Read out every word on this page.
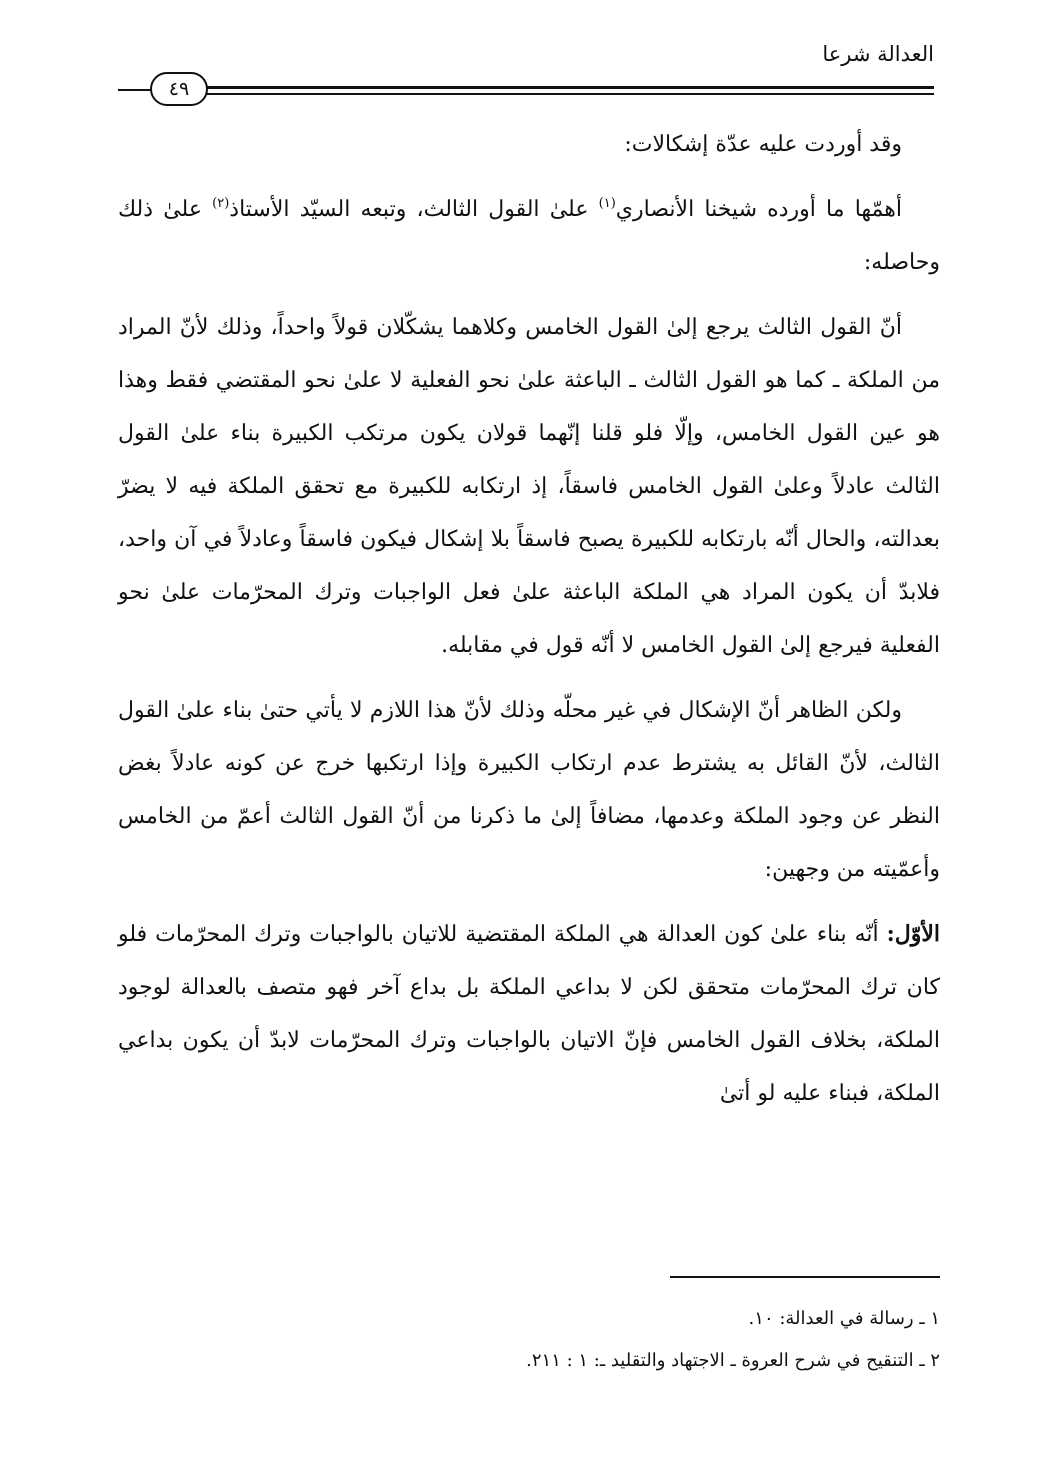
العدالة شرعا
٤٩

وقد أوردت عليه عدّة إشكالات:

أهمّها ما أورده شيخنا الأنصاري$^{(١)}$ علىٰ القول الثالث، وتبعه السيّد الأستاذ$^{(٢)}$ علىٰ ذلك وحاصله:

أنّ القول الثالث يرجع إلىٰ القول الخامس وكلاهما يشكّلان قولاً واحداً، وذلك لأنّ المراد من الملكة ـ كما هو القول الثالث ـ الباعثة علىٰ نحو الفعلية لا علىٰ نحو المقتضي فقط وهذا هو عين القول الخامس، وإلّا فلو قلنا إنّهما قولان يكون مرتكب الكبيرة بناء علىٰ القول الثالث عادلاً وعلىٰ القول الخامس فاسقاً، إذ ارتكابه للكبيرة مع تحقق الملكة فيه لا يضرّ بعدالته، والحال أنّه بارتكابه للكبيرة يصبح فاسقاً بلا إشكال فيكون فاسقاً وعادلاً في آن واحد، فلابدّ أن يكون المراد هي الملكة الباعثة علىٰ فعل الواجبات وترك المحرّمات علىٰ نحو الفعلية فيرجع إلىٰ القول الخامس لا أنّه قول في مقابله.

ولكن الظاهر أنّ الإشكال في غير محلّه وذلك لأنّ هذا اللازم لا يأتي حتىٰ بناء علىٰ القول الثالث، لأنّ القائل به يشترط عدم ارتكاب الكبيرة وإذا ارتكبها خرج عن كونه عادلاً بغض النظر عن وجود الملكة وعدمها، مضافاً إلىٰ ما ذكرنا من أنّ القول الثالث أعمّ من الخامس وأعمّيته من وجهين:

الأوّل: أنّه بناء علىٰ كون العدالة هي الملكة المقتضية للاتيان بالواجبات وترك المحرّمات فلو كان ترك المحرّمات متحقق لكن لا بداعي الملكة بل بداع آخر فهو متصف بالعدالة لوجود الملكة، بخلاف القول الخامس فإنّ الاتيان بالواجبات وترك المحرّمات لابدّ أن يكون بداعي الملكة، فبناء عليه لو أتىٰ

١ ـ رسالة في العدالة: ١٠.
٢ ـ التنقيح في شرح العروة ـ الاجتهاد والتقليد ـ: ١ : ٢١١.
